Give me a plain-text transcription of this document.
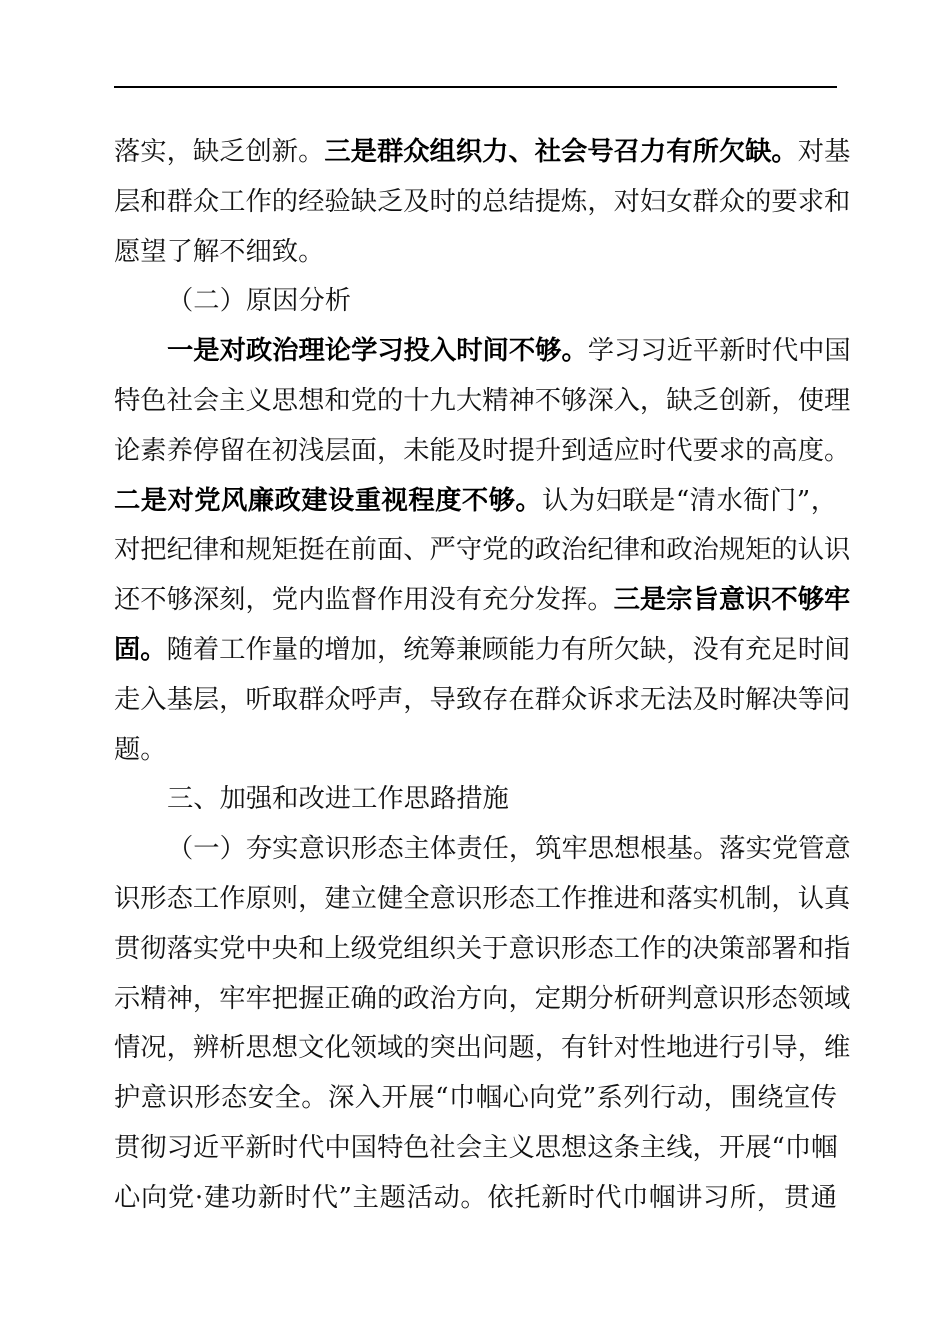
落实，缺乏创新。三是群众组织力、社会号召力有所欠缺。对基
层和群众工作的经验缺乏及时的总结提炼，对妇女群众的要求和
愿望了解不细致。
（二）原因分析
一是对政治理论学习投入时间不够。学习习近平新时代中国
特色社会主义思想和党的十九大精神不够深入，缺乏创新，使理
论素养停留在初浅层面，未能及时提升到适应时代要求的高度。
二是对党风廉政建设重视程度不够。认为妇联是“清水衙门”，
对把纪律和规矩挺在前面、严守党的政治纪律和政治规矩的认识
还不够深刻，党内监督作用没有充分发挥。三是宗旨意识不够牢
固。随着工作量的增加，统筹兼顾能力有所欠缺，没有充足时间
走入基层，听取群众呼声，导致存在群众诉求无法及时解决等问
题。
三、加强和改进工作思路措施
（一）夯实意识形态主体责任，筑牢思想根基。落实党管意
识形态工作原则，建立健全意识形态工作推进和落实机制，认真
贯彻落实党中央和上级党组织关于意识形态工作的决策部署和指
示精神，牢牢把握正确的政治方向，定期分析研判意识形态领域
情况，辨析思想文化领域的突出问题，有针对性地进行引导，维
护意识形态安全。深入开展“巾帼心向党”系列行动，围绕宣传
贯彻习近平新时代中国特色社会主义思想这条主线，开展“巾帼
心向党·建功新时代”主题活动。依托新时代巾帼讲习所，贯通
